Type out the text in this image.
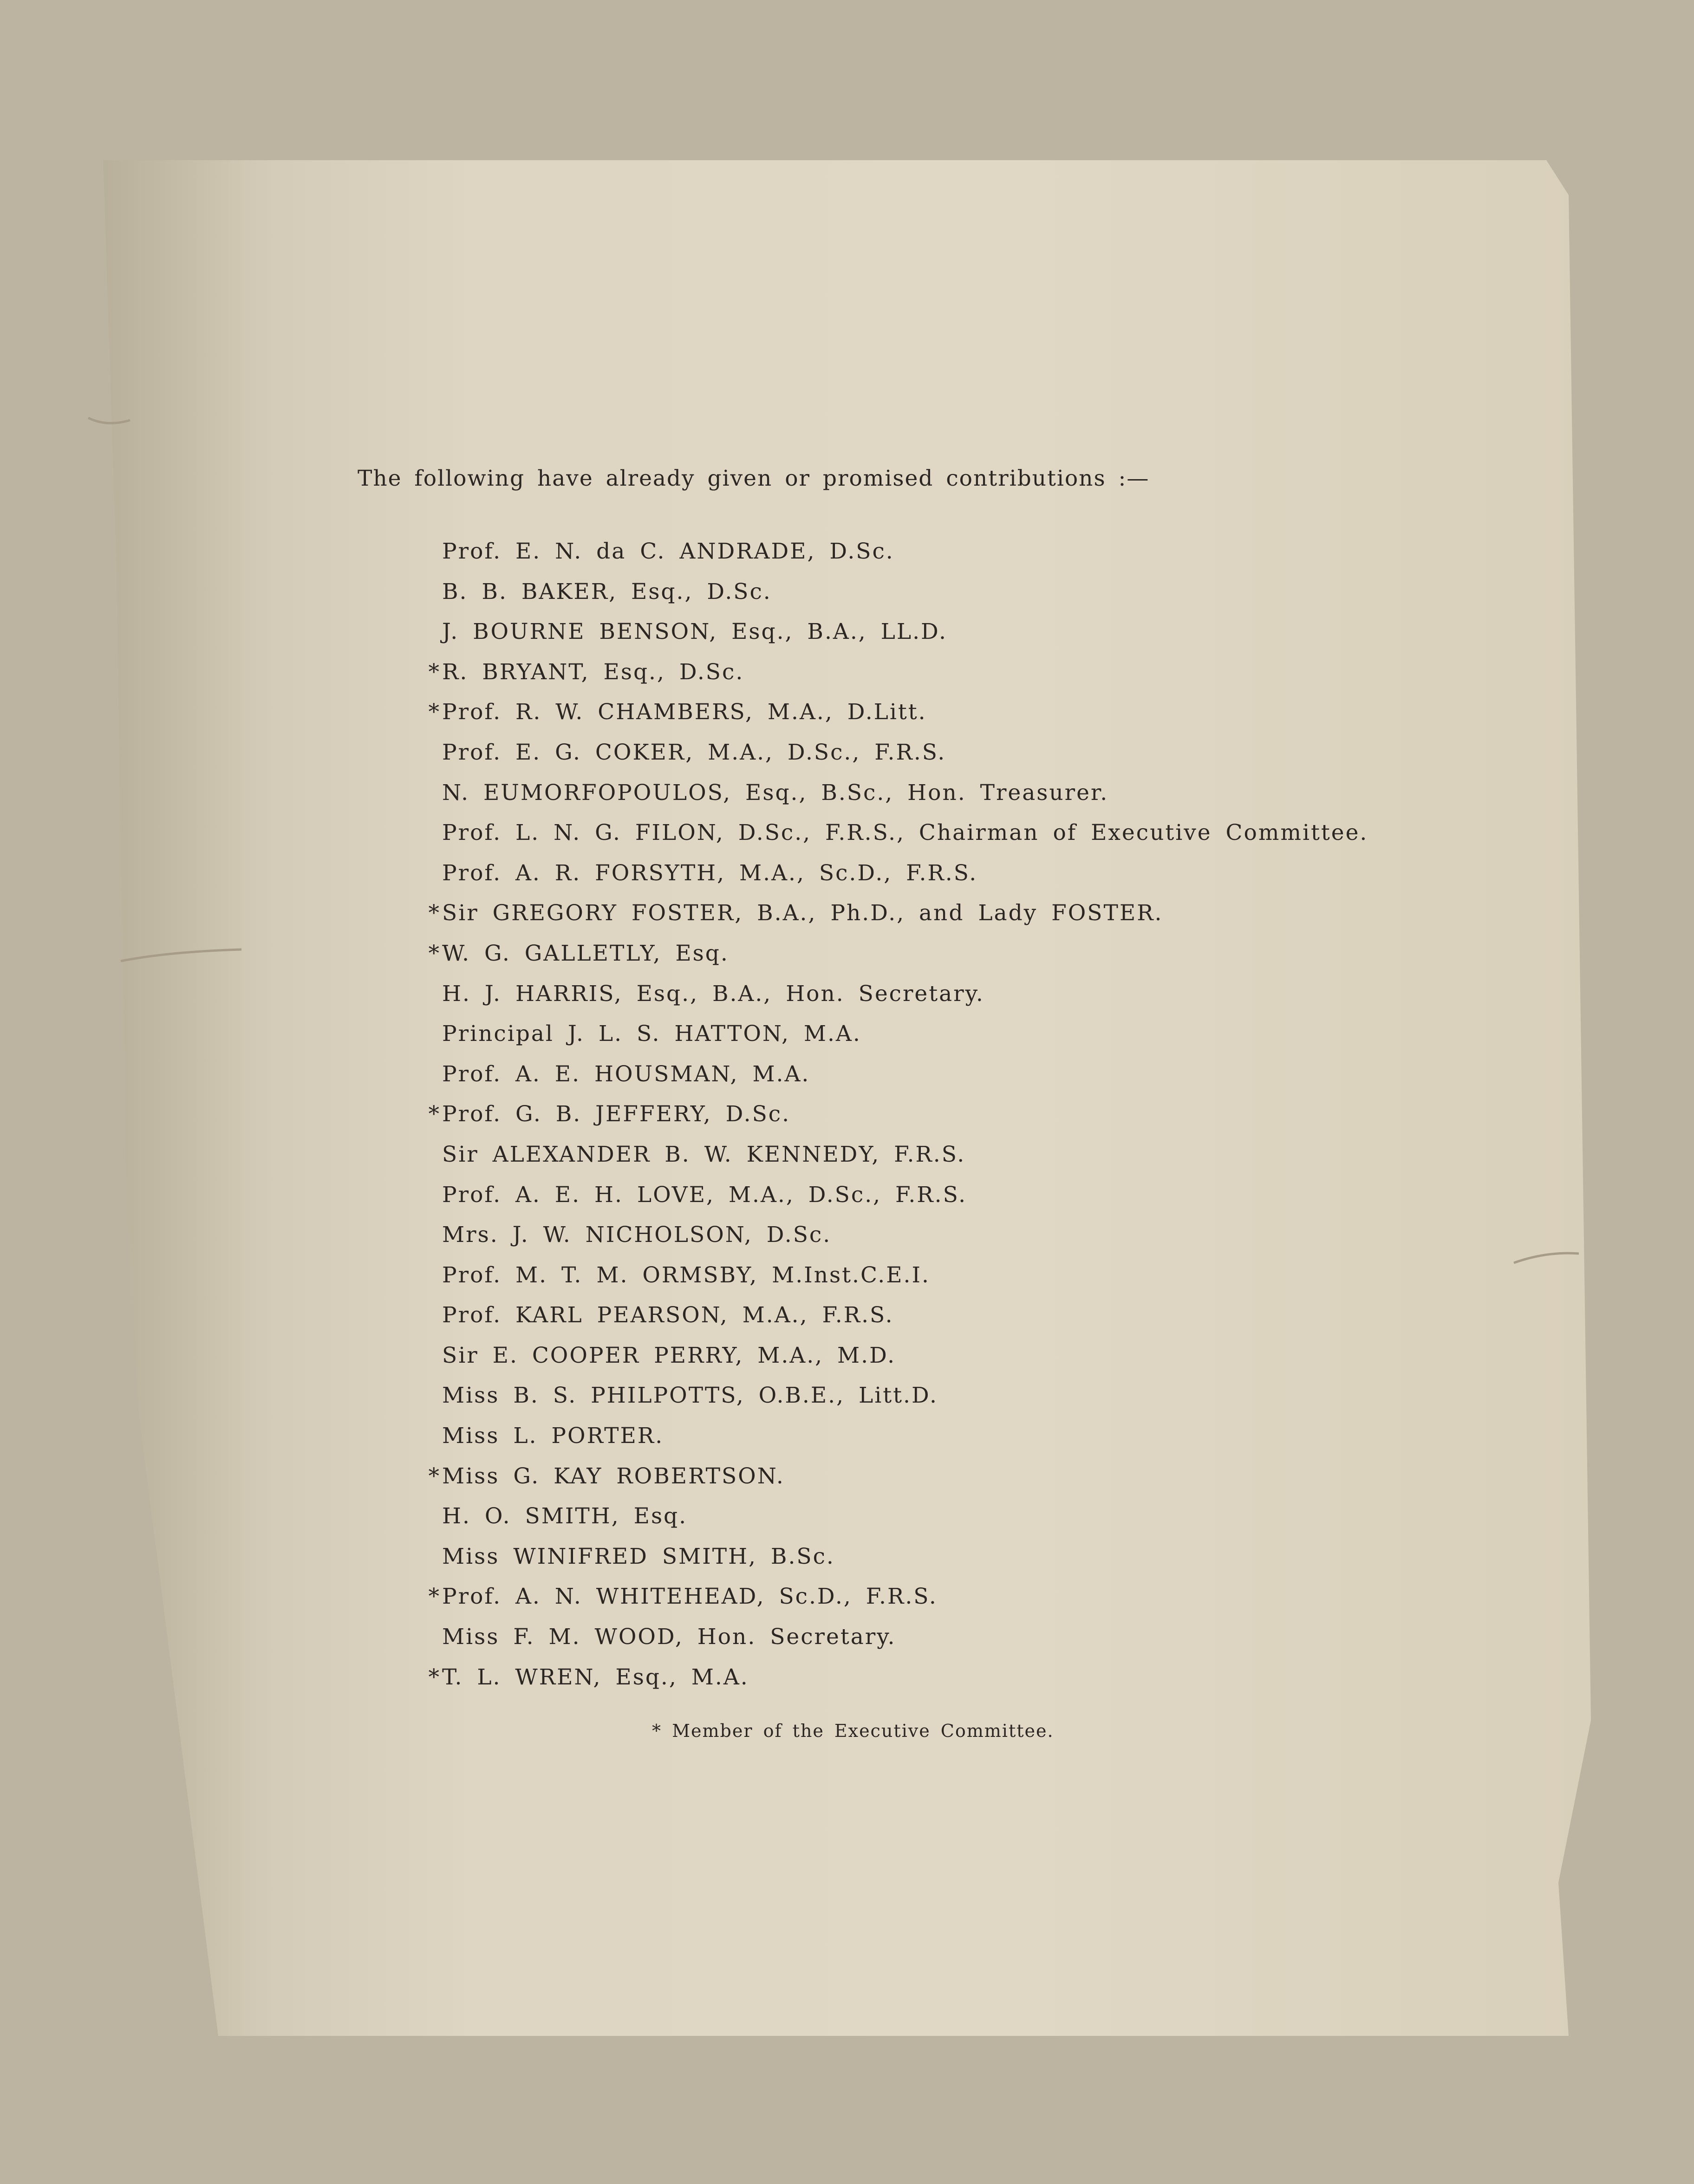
The following have already given or promised contributions :—
Prof. E. N. da C. ANDRADE, D.Sc.
B. B. BAKER, Esq., D.Sc.
J. BOURNE BENSON, Esq., B.A., LL.D.
* R. BRYANT, Esq., D.Sc.
* Prof. R. W. CHAMBERS, M.A., D.Litt.
Prof. E. G. COKER, M.A., D.Sc., F.R.S.
N. EUMORFOPOULOS, Esq., B.Sc., Hon. Treasurer.
Prof. L. N. G. FILON, D.Sc., F.R.S., Chairman of Executive Committee.
Prof. A. R. FORSYTH, M.A., Sc.D., F.R.S.
* Sir GREGORY FOSTER, B.A., Ph.D., and Lady FOSTER.
* W. G. GALLETLY, Esq.
H. J. HARRIS, Esq., B.A., Hon. Secretary.
Principal J. L. S. HATTON, M.A.
Prof. A. E. HOUSMAN, M.A.
* Prof. G. B. JEFFERY, D.Sc.
Sir ALEXANDER B. W. KENNEDY, F.R.S.
Prof. A. E. H. LOVE, M.A., D.Sc., F.R.S.
Mrs. J. W. NICHOLSON, D.Sc.
Prof. M. T. M. ORMSBY, M.Inst.C.E.I.
Prof. KARL PEARSON, M.A., F.R.S.
Sir E. COOPER PERRY, M.A., M.D.
Miss B. S. PHILPOTTS, O.B.E., Litt.D.
Miss L. PORTER.
* Miss G. KAY ROBERTSON.
H. O. SMITH, Esq.
Miss WINIFRED SMITH, B.Sc.
* Prof. A. N. WHITEHEAD, Sc.D., F.R.S.
Miss F. M. WOOD, Hon. Secretary.
* T. L. WREN, Esq., M.A.
* Member of the Executive Committee.
